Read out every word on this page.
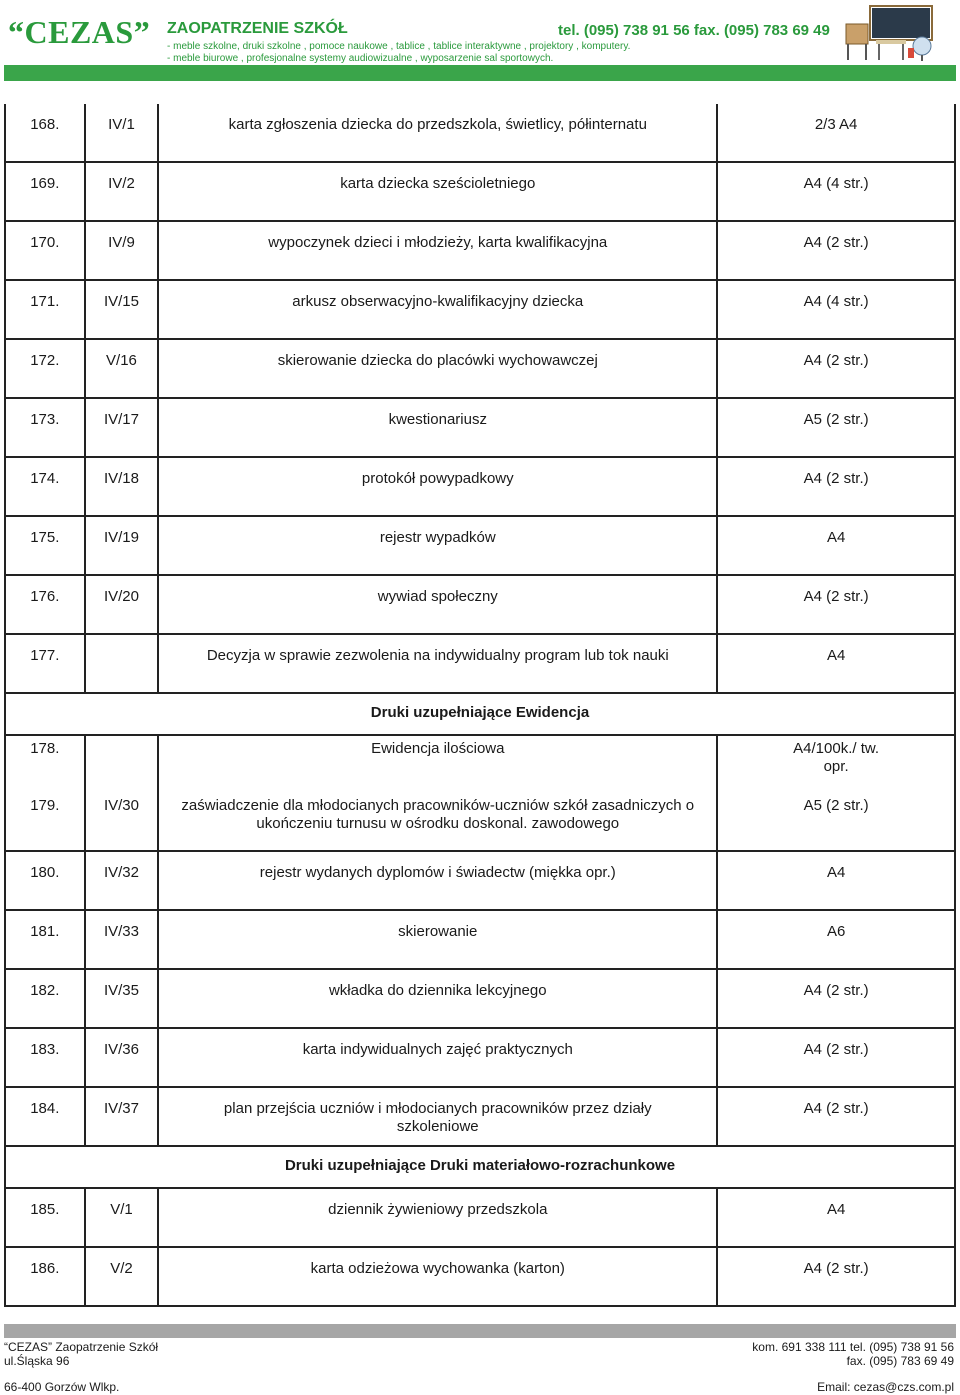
“CEZAS” ZAOPATRZENIE SZKÓŁ	tel. (095) 738 91 56 fax. (095) 783 69 49
- meble szkolne, druki szkolne , pomoce naukowe , tablice , tablice interaktywne , projektory , komputery.
- meble biurowe , profesjonalne systemy audiowizualne , wyposarzenie sal sportowych.
168.	IV/1	karta zgłoszenia dziecka do przedszkola, świetlicy, półinternatu	2/3 A4

169.	IV/2	karta dziecka sześcioletniego	A4 (4 str.)

170.	IV/9	wypoczynek dzieci i młodzieży, karta kwalifikacyjna	A4 (2 str.)

171.	IV/15	arkusz obserwacyjno-kwalifikacyjny dziecka	A4 (4 str.)

172.	V/16	skierowanie dziecka do placówki wychowawczej	A4 (2 str.)

173.	IV/17	kwestionariusz	A5 (2 str.)

174.	IV/18	protokół powypadkowy	A4 (2 str.)

175.	IV/19	rejestr wypadków	A4

176.	IV/20	wywiad społeczny	A4 (2 str.)

177.		Decyzja w sprawie zezwolenia na indywidualny program lub tok nauki	A4

Druki uzupełniające Ewidencja			

178.		Ewidencja ilościowa	A4/100k./ tw. opr.

179.	IV/30	zaświadczenie dla młodocianych pracowników-uczniów szkół zasadniczych o ukończeniu turnusu w ośrodku doskonal. zawodowego	A5 (2 str.)

180.	IV/32	rejestr wydanych dyplomów i świadectw (miękka opr.)	A4

181.	IV/33	skierowanie	A6

182.	IV/35	wkładka do dziennika lekcyjnego	A4 (2 str.)

183.	IV/36	karta indywidualnych zajęć praktycznych	A4 (2 str.)

184.	IV/37	plan przejścia uczniów i młodocianych pracowników przez działy szkoleniowe	A4 (2 str.)

Druki uzupełniające Druki materiałowo-rozrachunkowe			

185.	V/1	dziennik żywieniowy przedszkola	A4

186.	V/2	karta odzieżowa wychowanka (karton)	A4 (2 str.)
“CEZAS” Zaopatrzenie Szkół
ul.Śląska 96
66-400 Gorzów Wlkp.
kom. 691 338 111 tel. (095) 738 91 56
fax. (095) 783 69 49
Email: cezas@czs.com.pl
